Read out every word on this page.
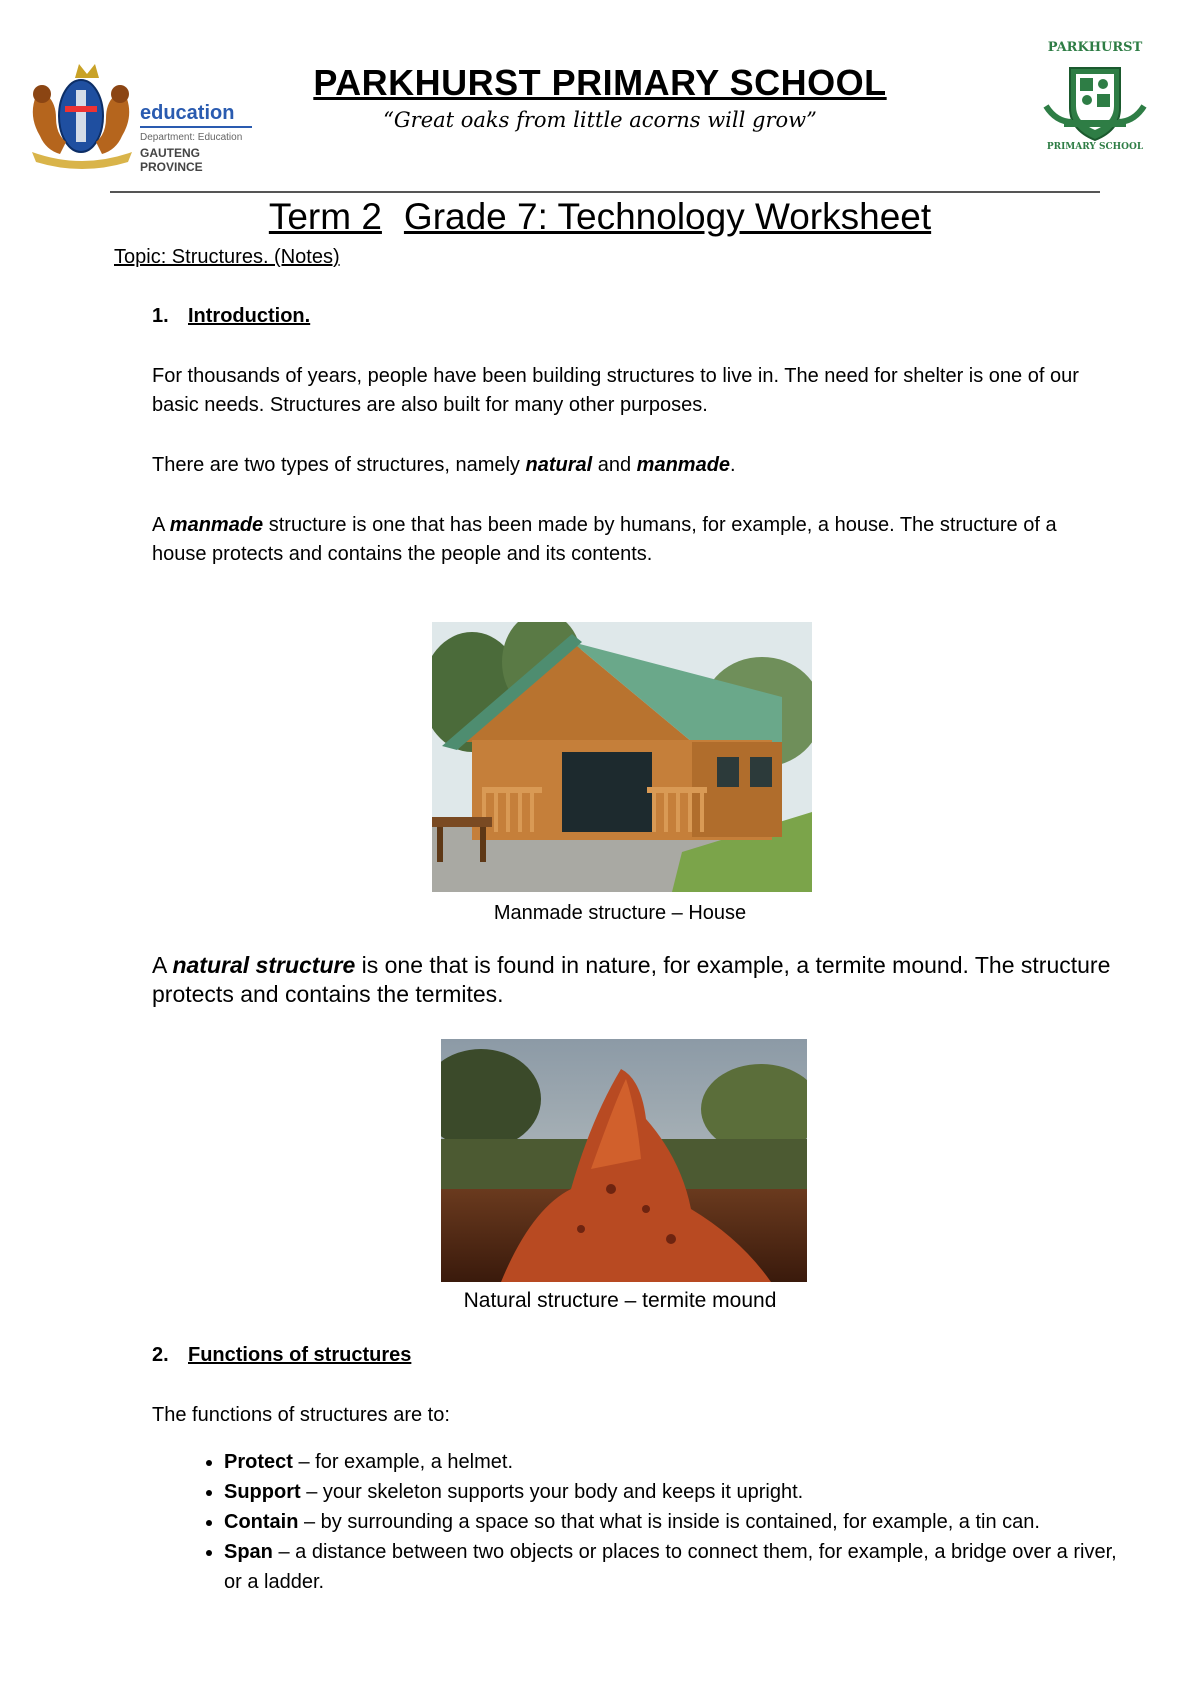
education
Department: Education
GAUTENG PROVINCE
PARKHURST PRIMARY SCHOOL
“Great oaks from little acorns will grow”
PARKHURST
PRIMARY SCHOOL
Term 2 Grade 7: Technology Worksheet
Topic: Structures. (Notes)
1. Introduction.
For thousands of years, people have been building structures to live in. The need for shelter is one of our basic needs. Structures are also built for many other purposes.
There are two types of structures, namely natural and manmade.
A manmade structure is one that has been made by humans, for example, a house. The structure of a house protects and contains the people and its contents.
Manmade structure – House
A natural structure is one that is found in nature, for example, a termite mound. The structure protects and contains the termites.
Natural structure – termite mound
2. Functions of structures
The functions of structures are to:
• Protect – for example, a helmet.
• Support – your skeleton supports your body and keeps it upright.
• Contain – by surrounding a space so that what is inside is contained, for example, a tin can.
• Span – a distance between two objects or places to connect them, for example, a bridge over a river, or a ladder.
